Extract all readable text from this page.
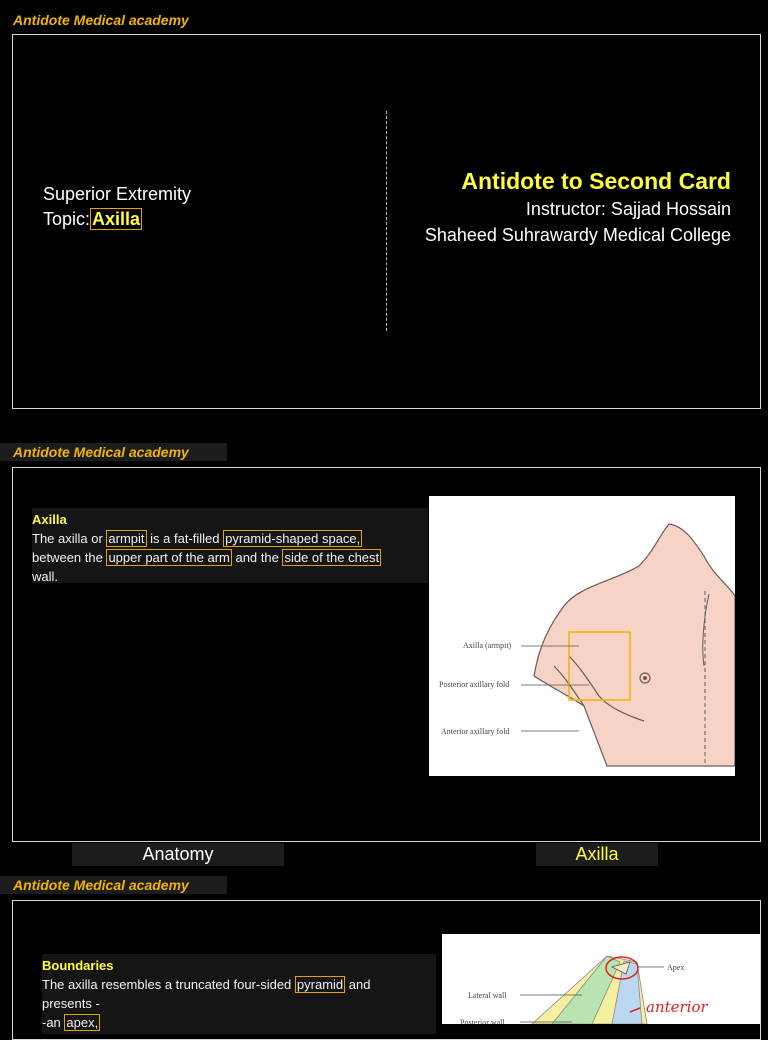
Antidote Medical academy
Superior Extremity
Topic: Axilla
Antidote to Second Card
Instructor: Sajjad Hossain
Shaheed Suhrawardy Medical College
Antidote Medical academy
Axilla
The axilla or armpit is a fat-filled pyramid-shaped space,
between the upper part of the arm and the side of the chest
wall.
Axilla (armpit)
Posterior axillary fold
Anterior axillary fold
Anatomy	Axilla
Antidote Medical academy
Boundaries
The axilla resembles a truncated four-sided pyramid and
presents -
-an apex,
Apex
Lateral wall
Posterior wall
anterior
